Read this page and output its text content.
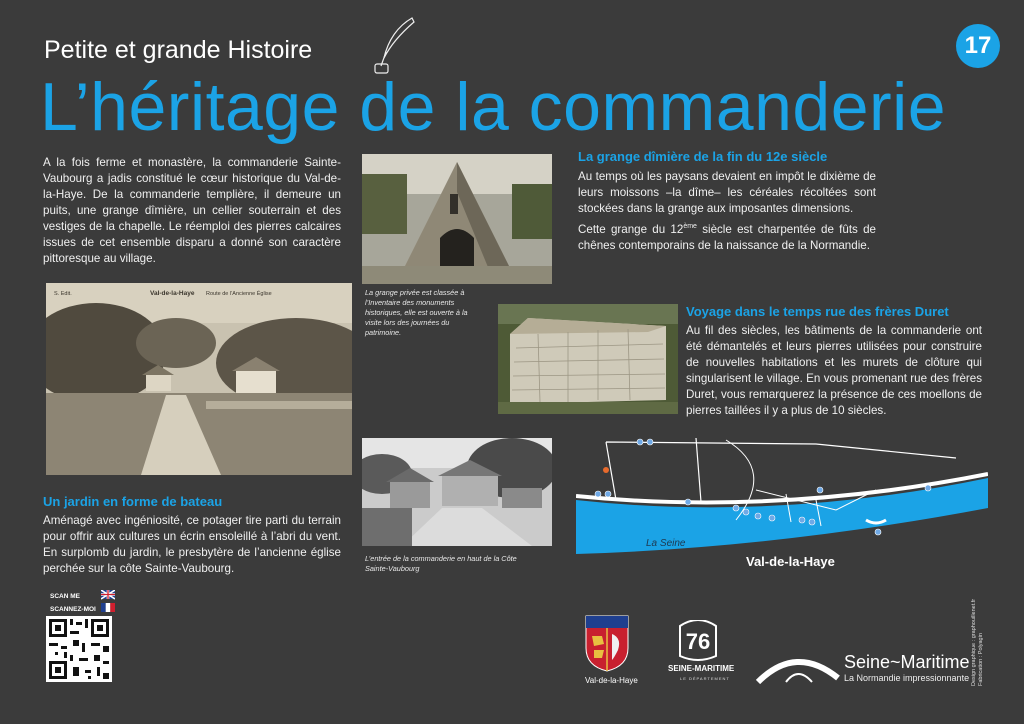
Petite et grande Histoire	17
L’héritage de la commanderie
A la fois ferme et monastère, la commanderie Sainte-Vaubourg a jadis constitué le cœur historique du Val-de-la-Haye. De la commanderie templière, il demeure un puits, une grange dîmière, un cellier souterrain et des vestiges de la chapelle. Le réemploi des pierres calcaires issues de cet ensemble disparu a donné son caractère pittoresque au village.
La grange privée est classée à l’Inventaire des monuments historiques, elle est ouverte à la visite lors des journées du patrimoine.
La grange dîmière de la fin du 12e siècle
Au temps où les paysans devaient en impôt le dixième de leurs moissons –la dîme– les céréales récoltées sont stockées dans la grange aux imposantes dimensions.
Cette grange du 12ème siècle est charpentée de fûts de chênes contemporains de la naissance de la Normandie.
S. Edit.	Val-de-la-Haye Route de l’Ancienne Église
Voyage dans le temps rue des frères Duret
Au fil des siècles, les bâtiments de la commanderie ont été démantelés et leurs pierres utilisées pour construire de nouvelles habitations et les murets de clôture qui singularisent le village. En vous promenant rue des frères Duret, vous remarquerez la présence de ces moellons de pierres taillées il y a plus de 10 siècles.
L’entrée de la commanderie en haut de la Côte Sainte-Vaubourg
La Seine
Val-de-la-Haye
Un jardin en forme de bateau
Aménagé avec ingéniosité, ce potager tire parti du terrain pour offrir aux cultures un écrin ensoleillé à l’abri du vent. En surplomb du jardin, le presbytère de l’ancienne église perchée sur la côte Sainte-Vaubourg.
SCAN ME
SCANNEZ-MOI
Val-de-la-Haye
76
SEINE-MARITIME
LE DÉPARTEMENT
Seine~Maritime
La Normandie impressionnante Design graphique : graphouillenet.fr Fabrication : Polyagin
